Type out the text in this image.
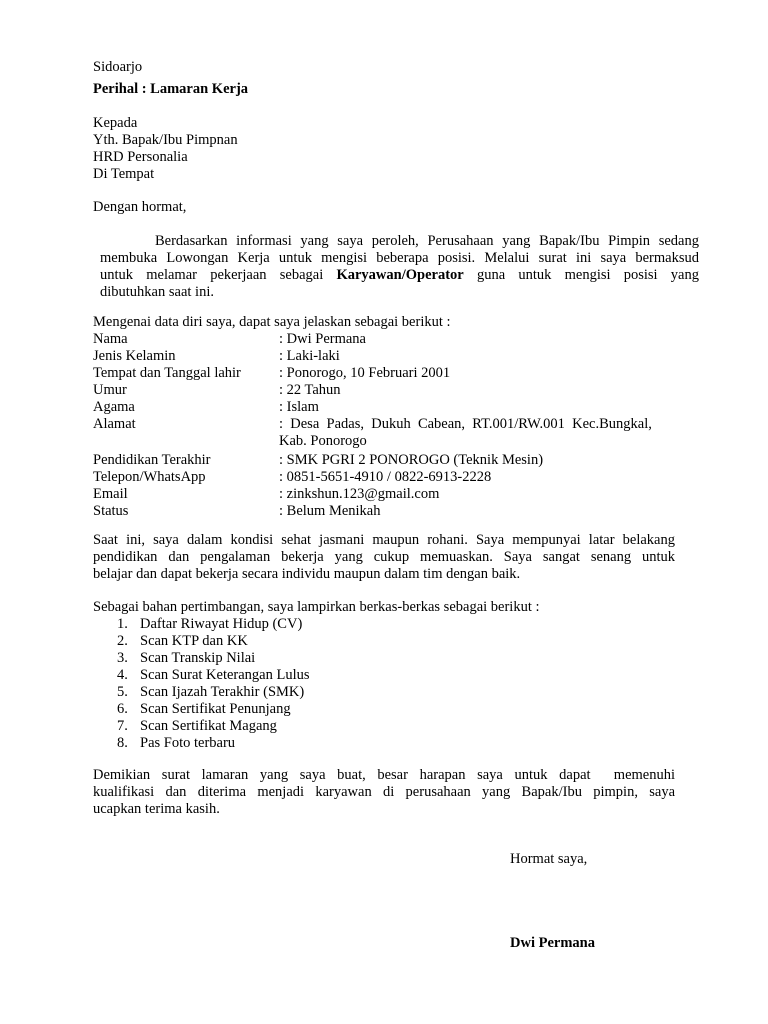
Sidoarjo
Perihal : Lamaran Kerja
Kepada
Yth. Bapak/Ibu Pimpnan
HRD Personalia
Di Tempat
Dengan hormat,
Berdasarkan informasi yang saya peroleh, Perusahaan yang Bapak/Ibu Pimpin sedang
membuka Lowongan Kerja untuk mengisi beberapa posisi. Melalui surat ini saya bermaksud
untuk melamar pekerjaan sebagai Karyawan/Operator guna untuk mengisi posisi yang
dibutuhkan saat ini.
Mengenai data diri saya, dapat saya jelaskan sebagai berikut :
Nama	: Dwi Permana
Jenis Kelamin	: Laki-laki
Tempat dan Tanggal lahir	: Ponorogo, 10 Februari 2001
Umur	: 22 Tahun
Agama	: Islam
Alamat	:  Desa  Padas,  Dukuh  Cabean,  RT.001/RW.001  Kec.Bungkal,
Kab. Ponorogo
Pendidikan Terakhir	: SMK PGRI 2 PONOROGO (Teknik Mesin)
Telepon/WhatsApp	: 0851-5651-4910 / 0822-6913-2228
Email	: zinkshun.123@gmail.com
Status	: Belum Menikah
Saat ini, saya dalam kondisi sehat jasmani maupun rohani. Saya mempunyai latar belakang
pendidikan dan pengalaman bekerja yang cukup memuaskan. Saya sangat senang untuk
belajar dan dapat bekerja secara individu maupun dalam tim dengan baik.
Sebagai bahan pertimbangan, saya lampirkan berkas-berkas sebagai berikut :
1. Daftar Riwayat Hidup (CV)
2. Scan KTP dan KK
3. Scan Transkip Nilai
4. Scan Surat Keterangan Lulus
5. Scan Ijazah Terakhir (SMK)
6. Scan Sertifikat Penunjang
7. Scan Sertifikat Magang
8. Pas Foto terbaru
Demikian surat lamaran yang saya buat, besar harapan saya untuk dapat  memenuhi
kualifikasi dan diterima menjadi karyawan di perusahaan yang Bapak/Ibu pimpin, saya
ucapkan terima kasih.
Hormat saya,
Dwi Permana
